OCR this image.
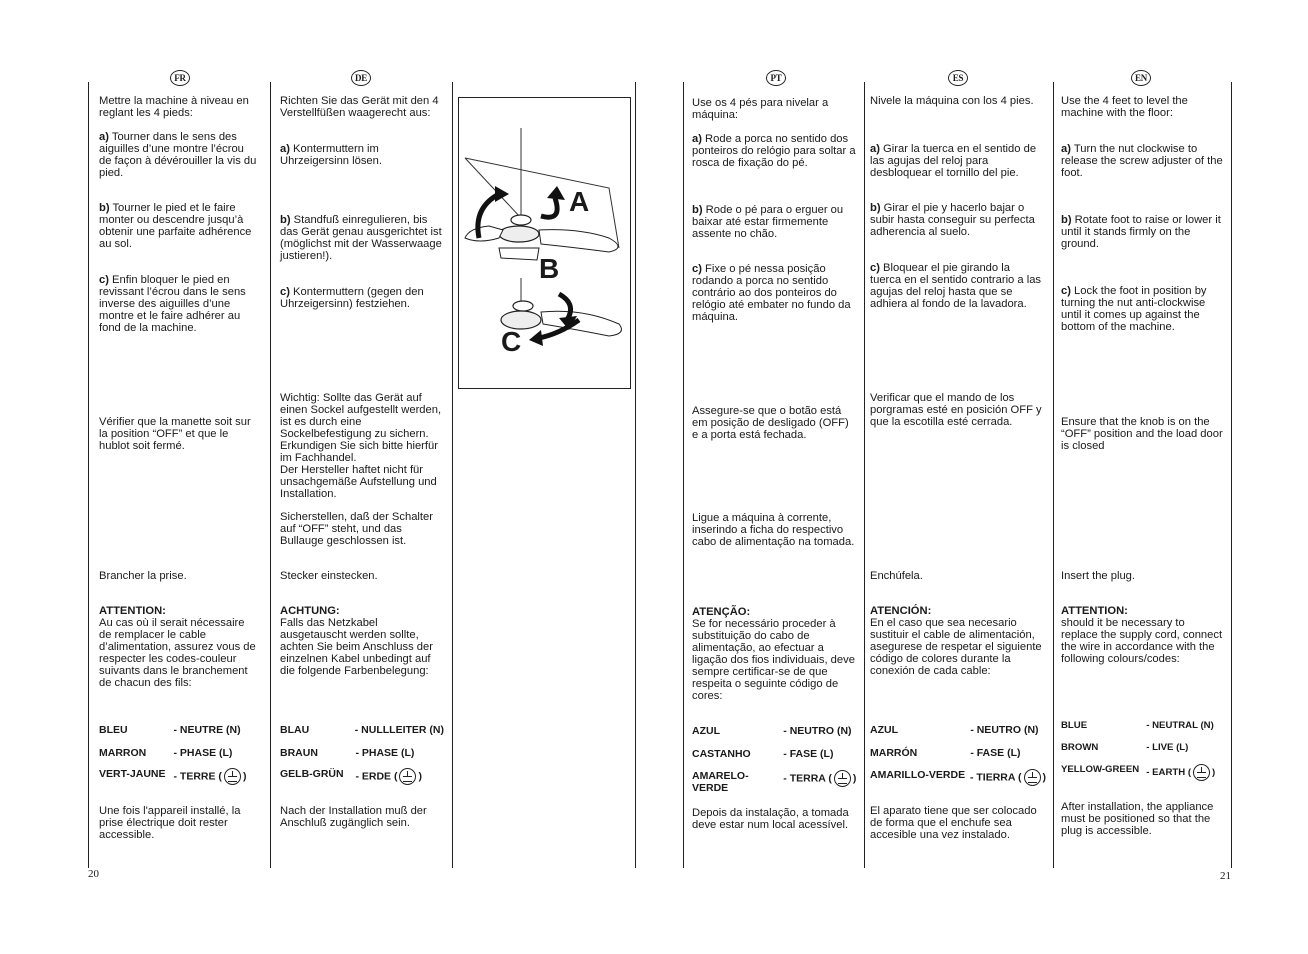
FR	DE	PT	ES	EN
Mettre la machine à niveau en reglant les 4 pieds:
a) Tourner dans le sens des aiguilles d’une montre l’écrou de façon à dévérouiller la vis du pied.
b) Tourner le pied et le faire monter ou descendre jusqu’à obtenir une parfaite adhérence au sol.
c) Enfin bloquer le pied en revissant l’écrou dans le sens inverse des aiguilles d’une montre et le faire adhérer au fond de la machine.
Vérifier que la manette soit sur la position “OFF” et que le hublot soit fermé.
Brancher la prise.
ATTENTION:
Au cas où il serait nécessaire de remplacer le cable d’alimentation, assurez vous de respecter les codes-couleur suivants dans le branchement de chacun des fils:
BLEU	- NEUTRE (N)
MARRON	- PHASE (L)
VERT-JAUNE - TERRE ( )
Une fois l'appareil installé, la prise électrique doit rester accessible.
Richten Sie das Gerät mit den 4 Verstellfüßen waagerecht aus:
a) Kontermuttern im Uhrzeigersinn lösen.
b) Standfuß einregulieren, bis das Gerät genau ausgerichtet ist (möglichst mit der Wasserwaage justieren!).
c) Kontermuttern (gegen den Uhrzeigersinn) festziehen.
Wichtig: Sollte das Gerät auf einen Sockel aufgestellt werden, ist es durch eine Sockelbefestigung zu sichern. Erkundigen Sie sich bitte hierfür im Fachhandel.
Der Hersteller haftet nicht für unsachgemäße Aufstellung und Installation.
Sicherstellen, daß der Schalter auf “OFF” steht, und das Bullauge geschlossen ist.
Stecker einstecken.
ACHTUNG:
Falls das Netzkabel ausgetauscht werden sollte, achten Sie beim Anschluss der einzelnen Kabel unbedingt auf die folgende Farbenbelegung:
BLAU	- NULLLEITER (N)
BRAUN	- PHASE (L)
GELB-GRÜN	- ERDE ( )
Nach der Installation muß der Anschluß zugänglich sein.
A
B
C
Use os 4 pés para nivelar a máquina:
a) Rode a porca no sentido dos ponteiros do relógio para soltar a rosca de fixação do pé.
b) Rode o pé para o erguer ou baixar até estar firmemente assente no chão.
c) Fixe o pé nessa posição rodando a porca no sentido contrário ao dos ponteiros do relógio até embater no fundo da máquina.
Assegure-se que o botão está em posição de desligado (OFF) e a porta está fechada.
Ligue a máquina à corrente, inserindo a ficha do respectivo cabo de alimentação na tomada.
ATENÇÃO:
Se for necessário proceder à substituição do cabo de alimentação, ao efectuar a ligação dos fios individuais, deve sempre certificar-se de que respeita o seguinte código de cores:
AZUL	- NEUTRO (N)
CASTANHO	- FASE (L)
AMARELO-VERDE
- TERRA ( )
Depois da instalação, a tomada deve estar num local acessível.
Nivele la máquina con los 4 pies.
a) Girar la tuerca en el sentido de las agujas del reloj para desbloquear el tornillo del pie.
b) Girar el pie y hacerlo bajar o subir hasta conseguir su perfecta adherencia al suelo.
c) Bloquear el pie girando la tuerca en el sentido contrario a las agujas del reloj hasta que se adhiera al fondo de la lavadora.
Verificar que el mando de los porgramas esté en posición OFF y que la escotilla esté cerrada.
Enchúfela.
ATENCIÓN:
En el caso que sea necesario sustituir el cable de alimentación, asegurese de respetar el siguiente código de colores durante la conexión de cada cable:
AZUL	- NEUTRO (N)
MARRÓN	- FASE (L)
AMARILLO-VERDE - TIERRA ( )
El aparato tiene que ser colocado de forma que el enchufe sea accesible una vez instalado.
Use the 4 feet to level the machine with the floor:
a) Turn the nut clockwise to release the screw adjuster of the foot.
b) Rotate foot to raise or lower it until it stands firmly on the ground.
c) Lock the foot in position by turning the nut anti-clockwise until it comes up against the bottom of the machine.
Ensure that the knob is on the “OFF” position and the load door is closed
Insert the plug.
ATTENTION:
should it be necessary to replace the supply cord, connect the wire in accordance with the following colours/codes:
BLUE	- NEUTRAL (N)
BROWN	- LIVE (L)
YELLOW-GREEN - EARTH ( )
After installation, the appliance must be positioned so that the plug is accessible.
20	21
